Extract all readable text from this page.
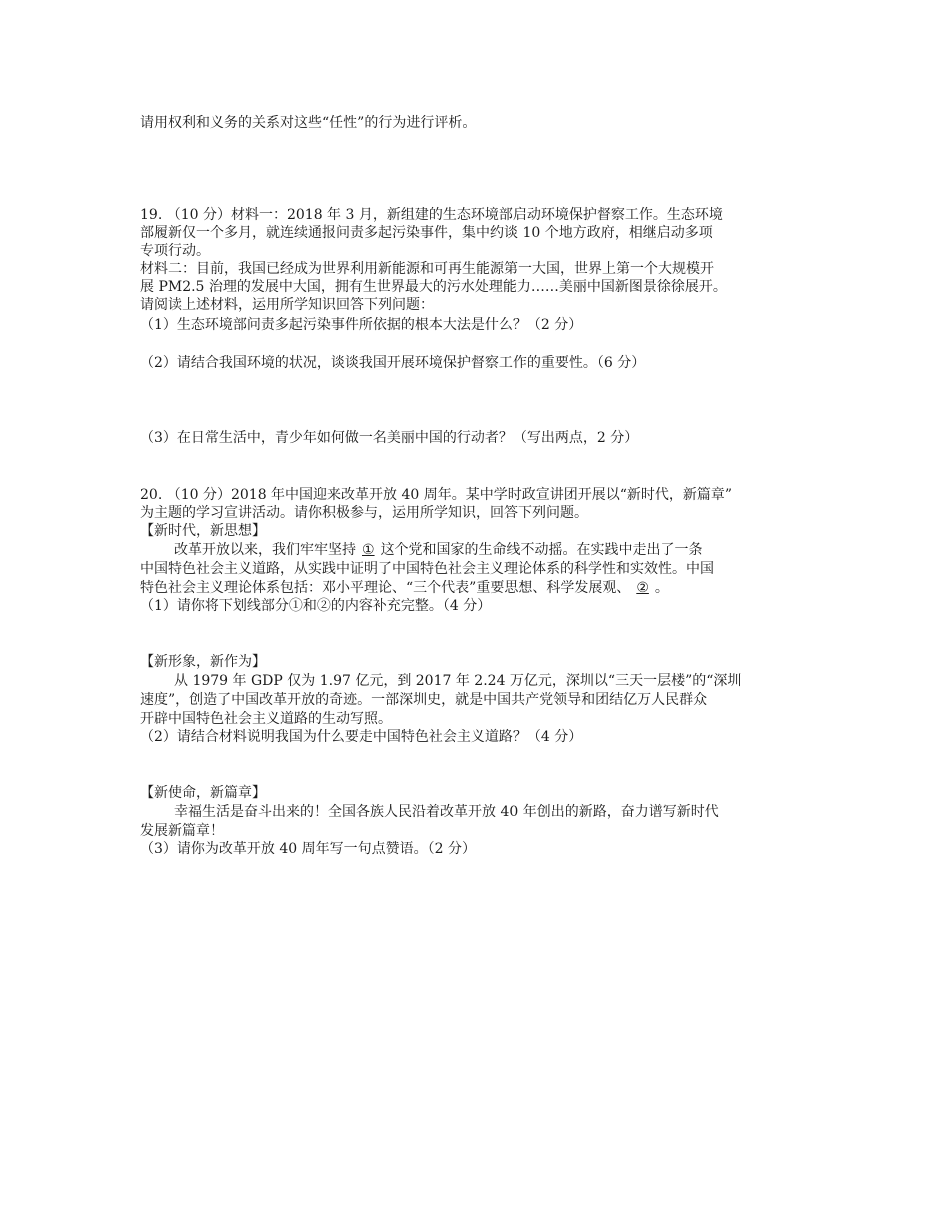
请用权利和义务的关系对这些“任性”的行为进行评析。

19. （10 分）材料一：2018 年 3 月，新组建的生态环境部启动环境保护督察工作。生态环境

部履新仅一个多月，就连续通报问责多起污染事件，集中约谈 10 个地方政府，相继启动多项

专项行动。

材料二：目前，我国已经成为世界利用新能源和可再生能源第一大国，世界上第一个大规模开

展 PM2.5 治理的发展中大国，拥有生世界最大的污水处理能力……美丽中国新图景徐徐展开。

请阅读上述材料，运用所学知识回答下列问题：

（1）生态环境部问责多起污染事件所依据的根本大法是什么？（2 分）

（2）请结合我国环境的状况，谈谈我国开展环境保护督察工作的重要性。（6 分）

（3）在日常生活中，青少年如何做一名美丽中国的行动者？（写出两点，2 分）

20. （10 分）2018 年中国迎来改革开放 40 周年。某中学时政宣讲团开展以“新时代，新篇章”

为主题的学习宣讲活动。请你积极参与，运用所学知识，回答下列问题。

【新时代，新思想】

改革开放以来，我们牢牢坚持 ① 这个党和国家的生命线不动摇。在实践中走出了一条

中国特色社会主义道路，从实践中证明了中国特色社会主义理论体系的科学性和实效性。中国

特色社会主义理论体系包括：邓小平理论、“三个代表”重要思想、科学发展观、 ② 。

（1）请你将下划线部分①和②的内容补充完整。（4 分）

【新形象，新作为】

从 1979 年 GDP 仅为 1.97 亿元，到 2017 年 2.24 万亿元，深圳以“三天一层楼”的“深圳

速度”，创造了中国改革开放的奇迹。一部深圳史，就是中国共产党领导和团结亿万人民群众

开辟中国特色社会主义道路的生动写照。

（2）请结合材料说明我国为什么要走中国特色社会主义道路？（4 分）

【新使命，新篇章】

幸福生活是奋斗出来的！全国各族人民沿着改革开放 40 年创出的新路，奋力谱写新时代

发展新篇章！

（3）请你为改革开放 40 周年写一句点赞语。（2 分）
